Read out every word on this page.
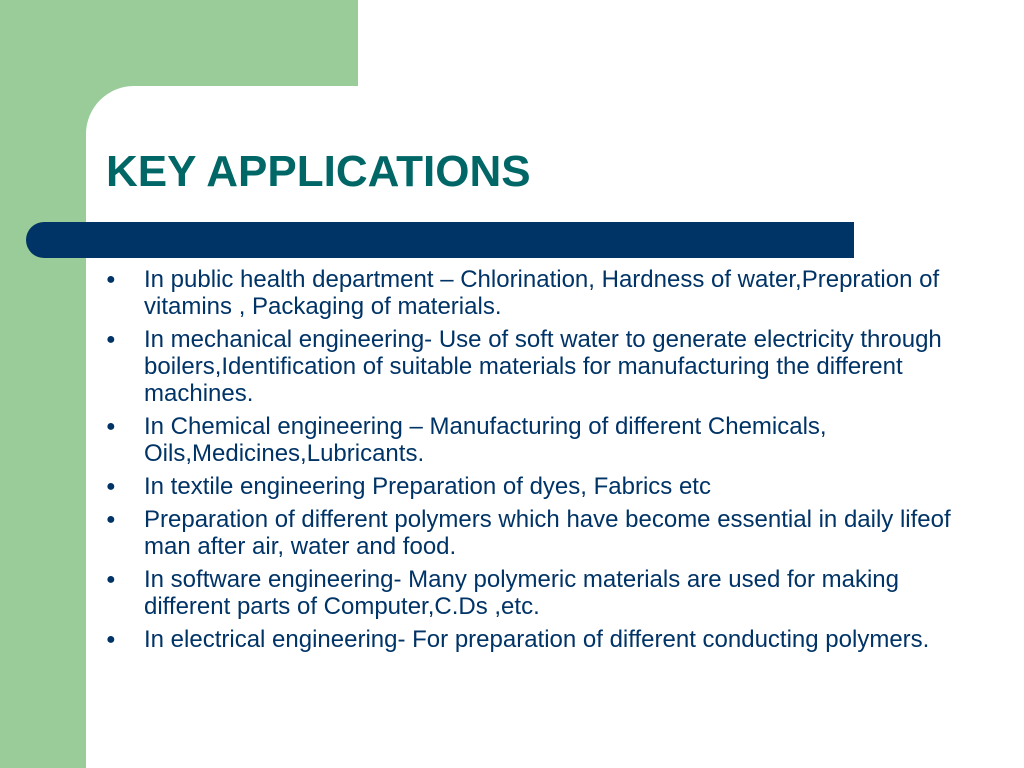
KEY APPLICATIONS
●	In public health department – Chlorination, Hardness of water,Prepration of vitamins , Packaging of materials.
●	In mechanical engineering- Use of soft water to generate electricity through boilers,Identification of suitable materials for manufacturing the different machines.
●	In Chemical engineering – Manufacturing of different Chemicals, Oils,Medicines,Lubricants.
●	In textile engineering Preparation of dyes, Fabrics etc
●	Preparation of different polymers which have become essential in daily lifeof man after air, water and food.
●	In software engineering- Many polymeric materials are used for making different parts of Computer,C.Ds ,etc.
●	In electrical engineering- For preparation of different conducting polymers.
